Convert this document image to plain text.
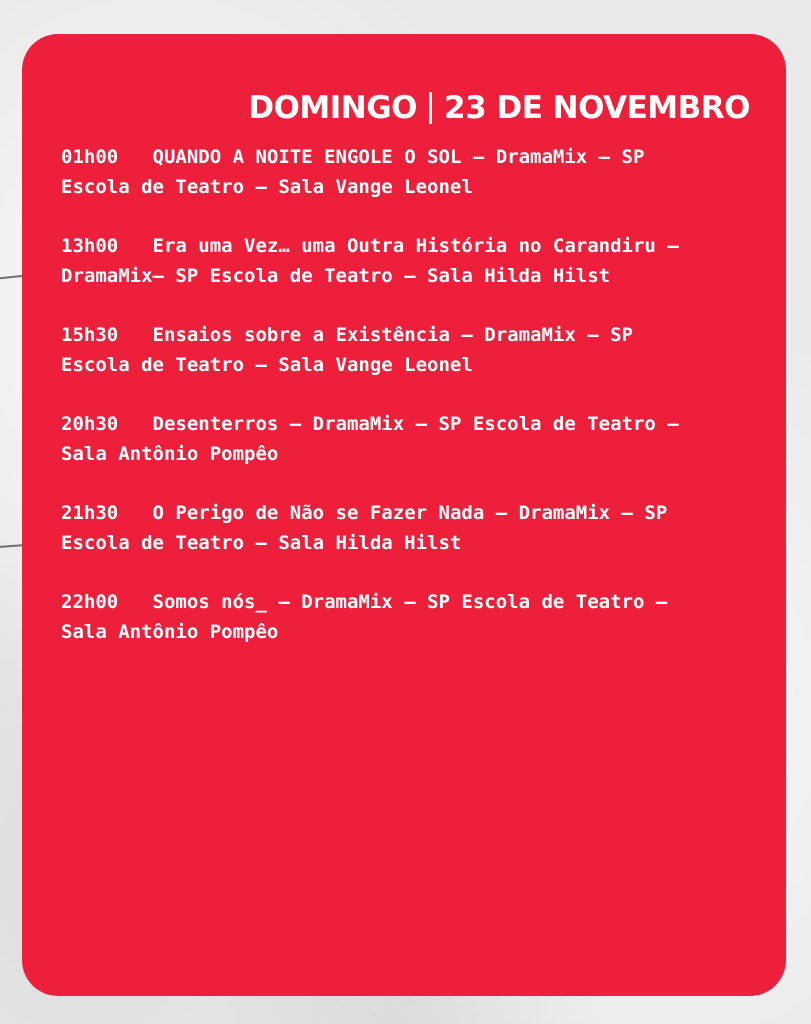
DOMINGO 23 DE NOVEMBRO
01h00 QUANDO A NOITE ENGOLE O SOL – DramaMix – SP
Escola de Teatro – Sala Vange Leonel
13h00 Era uma Vez… uma Outra História no Carandiru –
DramaMix– SP Escola de Teatro – Sala Hilda Hilst
15h30 Ensaios sobre a Existência – DramaMix – SP
Escola de Teatro – Sala Vange Leonel
20h30 Desenterros – DramaMix – SP Escola de Teatro –
Sala Antônio Pompêo
21h30 O Perigo de Não se Fazer Nada – DramaMix – SP
Escola de Teatro – Sala Hilda Hilst
22h00 Somos nós_ – DramaMix – SP Escola de Teatro –
Sala Antônio Pompêo
